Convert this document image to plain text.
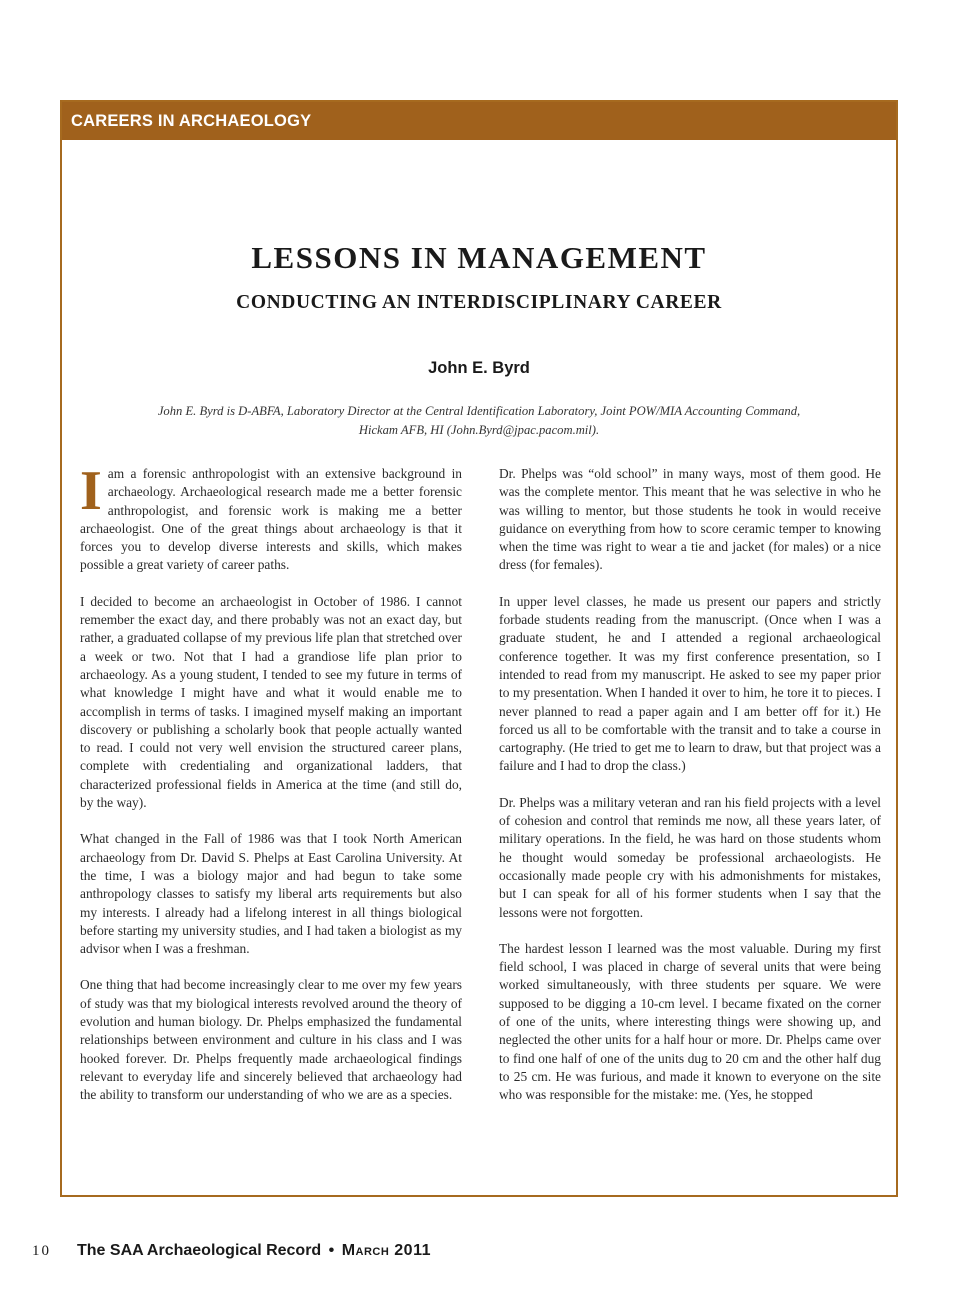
CAREERS IN ARCHAEOLOGY
LESSONS IN MANAGEMENT
CONDUCTING AN INTERDISCIPLINARY CAREER
John E. Byrd
John E. Byrd is D-ABFA, Laboratory Director at the Central Identification Laboratory, Joint POW/MIA Accounting Command,
Hickam AFB, HI (John.Byrd@jpac.pacom.mil).

Iam a forensic anthropologist with an extensive background in archaeology. Archaeological research made me a better forensic anthropologist, and forensic work is making me a better archaeologist. One of the great things about archaeology is that it forces you to develop diverse interests and skills, which makes possible a great variety of career paths.

I decided to become an archaeologist in October of 1986. I cannot remember the exact day, and there probably was not an exact day, but rather, a graduated collapse of my previous life plan that stretched over a week or two. Not that I had a grandiose life plan prior to archaeology. As a young student, I tended to see my future in terms of what knowledge I might have and what it would enable me to accomplish in terms of tasks. I imagined myself making an important discovery or publishing a scholarly book that people actually wanted to read. I could not very well envision the structured career plans, complete with credentialing and organizational ladders, that characterized professional fields in America at the time (and still do, by the way).

What changed in the Fall of 1986 was that I took North American archaeology from Dr. David S. Phelps at East Carolina University. At the time, I was a biology major and had begun to take some anthropology classes to satisfy my liberal arts requirements but also my interests. I already had a lifelong interest in all things biological before starting my university studies, and I had taken a biologist as my advisor when I was a freshman.

One thing that had become increasingly clear to me over my few years of study was that my biological interests revolved around the theory of evolution and human biology. Dr. Phelps emphasized the fundamental relationships between environment and culture in his class and I was hooked forever. Dr. Phelps frequently made archaeological findings relevant to everyday life and sincerely believed that archaeology had the ability to transform our understanding of who we are as a species.

Dr. Phelps was “old school” in many ways, most of them good. He was the complete mentor. This meant that he was selective in who he was willing to mentor, but those students he took in would receive guidance on everything from how to score ceramic temper to knowing when the time was right to wear a tie and jacket (for males) or a nice dress (for females).

In upper level classes, he made us present our papers and strictly forbade students reading from the manuscript. (Once when I was a graduate student, he and I attended a regional archaeological conference together. It was my first conference presentation, so I intended to read from my manuscript. He asked to see my paper prior to my presentation. When I handed it over to him, he tore it to pieces. I never planned to read a paper again and I am better off for it.) He forced us all to be comfortable with the transit and to take a course in cartography. (He tried to get me to learn to draw, but that project was a failure and I had to drop the class.)

Dr. Phelps was a military veteran and ran his field projects with a level of cohesion and control that reminds me now, all these years later, of military operations. In the field, he was hard on those students whom he thought would someday be professional archaeologists. He occasionally made people cry with his admonishments for mistakes, but I can speak for all of his former students when I say that the lessons were not forgotten.

The hardest lesson I learned was the most valuable. During my first field school, I was placed in charge of several units that were being worked simultaneously, with three students per square. We were supposed to be digging a 10-cm level. I became fixated on the corner of one of the units, where interesting things were showing up, and neglected the other units for a half hour or more. Dr. Phelps came over to find one half of one of the units dug to 20 cm and the other half dug to 25 cm. He was furious, and made it known to everyone on the site who was responsible for the mistake: me. (Yes, he stopped

10 The SAA Archaeological Record • March 2011
